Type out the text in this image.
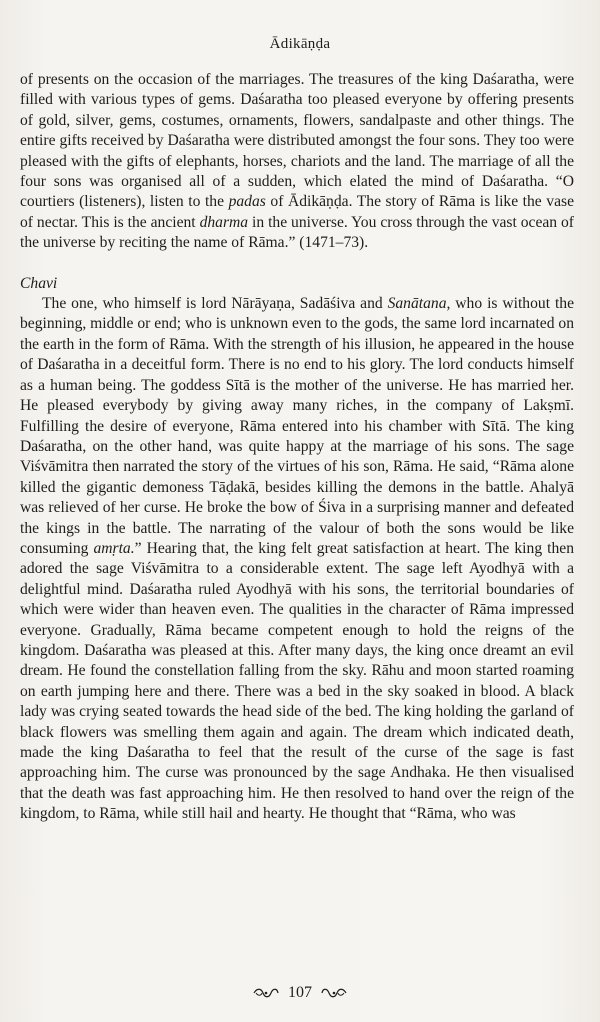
Ādikāṇḍa

of presents on the occasion of the marriages. The treasures of the king Daśaratha, were filled with various types of gems. Daśaratha too pleased everyone by offering presents of gold, silver, gems, costumes, ornaments, flowers, sandalpaste and other things. The entire gifts received by Daśaratha were distributed amongst the four sons. They too were pleased with the gifts of elephants, horses, chariots and the land. The marriage of all the four sons was organised all of a sudden, which elated the mind of Daśaratha. “O courtiers (listeners), listen to the padas of Ādikāṇḍa. The story of Rāma is like the vase of nectar. This is the ancient dharma in the universe. You cross through the vast ocean of the universe by reciting the name of Rāma.” (1471–73).

Chavi

The one, who himself is lord Nārāyaṇa, Sadāśiva and Sanātana, who is without the beginning, middle or end; who is unknown even to the gods, the same lord incarnated on the earth in the form of Rāma. With the strength of his illusion, he appeared in the house of Daśaratha in a deceitful form. There is no end to his glory. The lord conducts himself as a human being. The goddess Sītā is the mother of the universe. He has married her. He pleased everybody by giving away many riches, in the company of Lakṣmī. Fulfilling the desire of everyone, Rāma entered into his chamber with Sītā. The king Daśaratha, on the other hand, was quite happy at the marriage of his sons. The sage Viśvāmitra then narrated the story of the virtues of his son, Rāma. He said, “Rāma alone killed the gigantic demoness Tāḍakā, besides killing the demons in the battle. Ahalyā was relieved of her curse. He broke the bow of Śiva in a surprising manner and defeated the kings in the battle. The narrating of the valour of both the sons would be like consuming amṛta.” Hearing that, the king felt great satisfaction at heart. The king then adored the sage Viśvāmitra to a considerable extent. The sage left Ayodhyā with a delightful mind. Daśaratha ruled Ayodhyā with his sons, the territorial boundaries of which were wider than heaven even. The qualities in the character of Rāma impressed everyone. Gradually, Rāma became competent enough to hold the reigns of the kingdom. Daśaratha was pleased at this. After many days, the king once dreamt an evil dream. He found the constellation falling from the sky. Rāhu and moon started roaming on earth jumping here and there. There was a bed in the sky soaked in blood. A black lady was crying seated towards the head side of the bed. The king holding the garland of black flowers was smelling them again and again. The dream which indicated death, made the king Daśaratha to feel that the result of the curse of the sage is fast approaching him. The curse was pronounced by the sage Andhaka. He then visualised that the death was fast approaching him. He then resolved to hand over the reign of the kingdom, to Rāma, while still hail and hearty. He thought that “Rāma, who was

107
